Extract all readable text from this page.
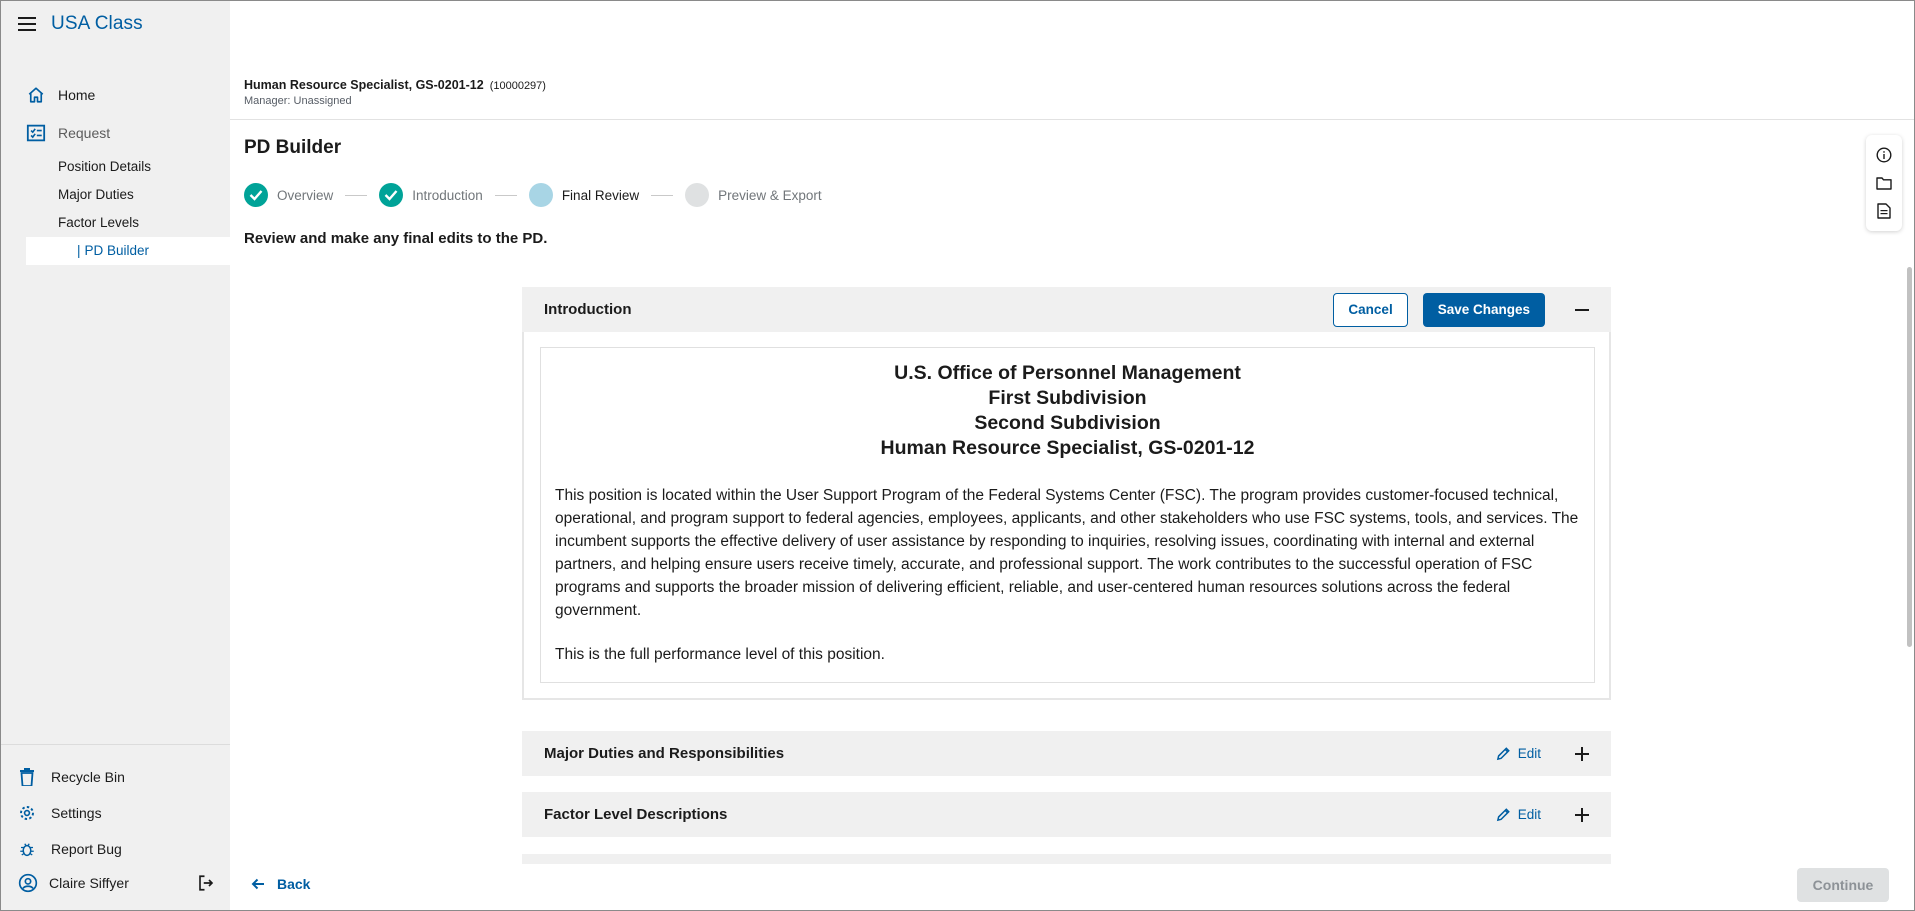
USA Class
Home
Request
Position Details
Major Duties
Factor Levels
| PD Builder
Recycle Bin
Settings
Report Bug
Claire Siffyer
Human Resource Specialist, GS-0201-12 (10000297)
Manager: Unassigned
PD Builder
Overview	Introduction	Final Review	Preview & Export
Review and make any final edits to the PD.
Introduction	Cancel	Save Changes
U.S. Office of Personnel Management
First Subdivision
Second Subdivision
Human Resource Specialist, GS-0201-12

This position is located within the User Support Program of the Federal Systems Center (FSC). The program provides customer-focused technical, operational, and program support to federal agencies, employees, applicants, and other stakeholders who use FSC systems, tools, and services. The incumbent supports the effective delivery of user assistance by responding to inquiries, resolving issues, coordinating with internal and external partners, and helping ensure users receive timely, accurate, and professional support. The work contributes to the successful operation of FSC programs and supports the broader mission of delivering efficient, reliable, and user-centered human resources solutions across the federal government.

This is the full performance level of this position.

Major Duties and Responsibilities	Edit
Factor Level Descriptions	Edit
Back	Continue
